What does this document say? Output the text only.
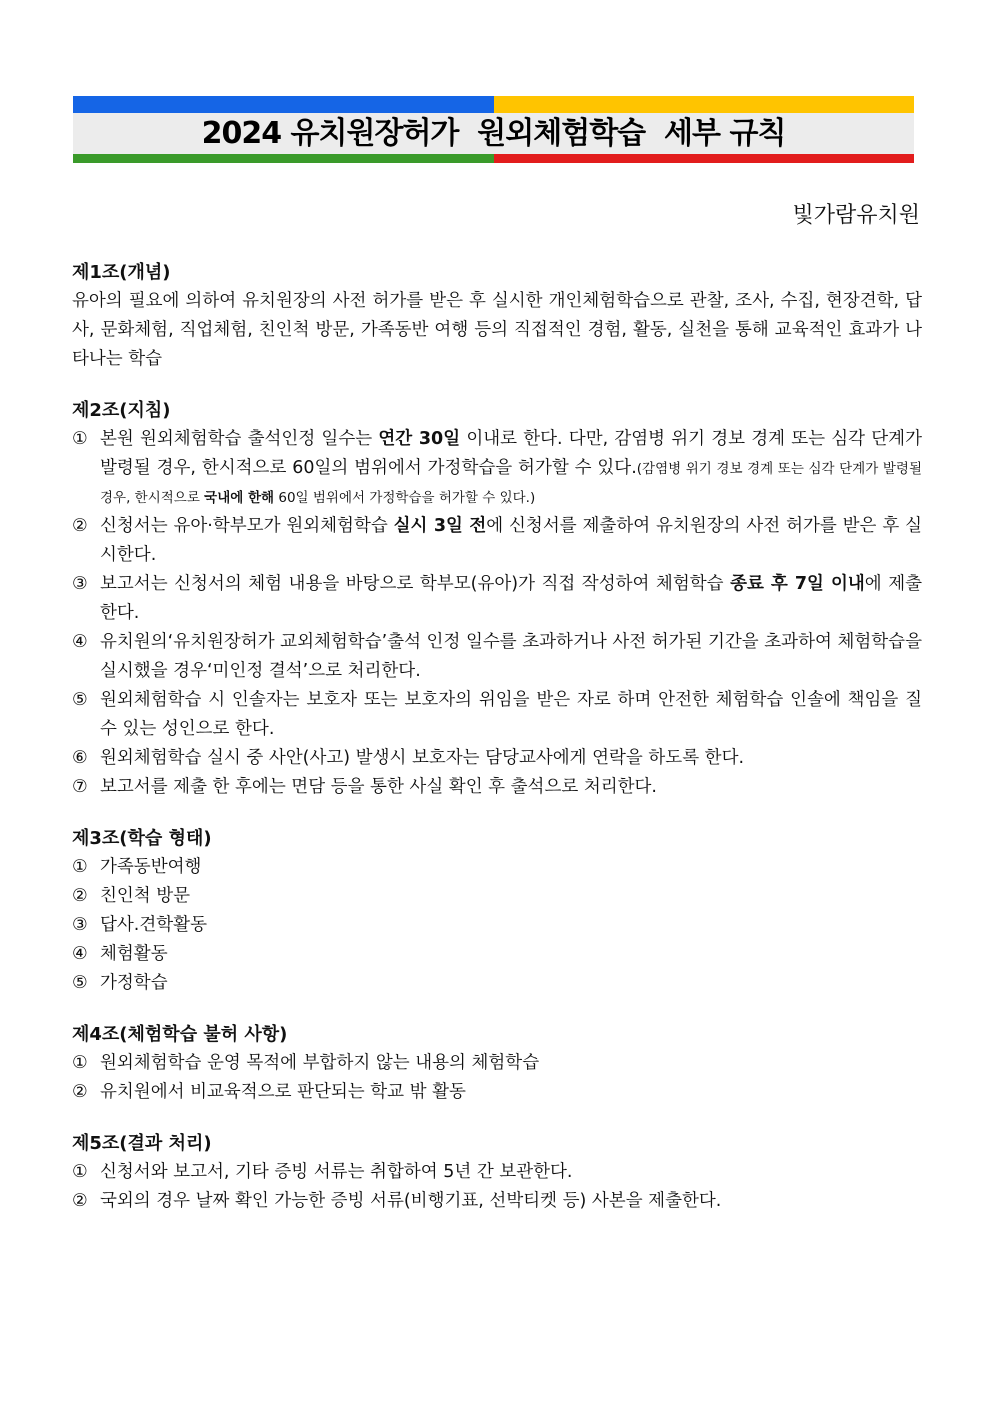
2024 유치원장허가  원외체험학습  세부 규칙
빛가람유치원

제1조(개념)

유아의 필요에 의하여 유치원장의 사전 허가를 받은 후 실시한 개인체험학습으로 관찰, 조사, 수집, 현장견학, 답사, 문화체험, 직업체험, 친인척 방문, 가족동반 여행 등의 직접적인 경험, 활동, 실천을 통해 교육적인 효과가 나타나는 학습

제2조(지침)

① 본원 원외체험학습 출석인정 일수는 연간 30일 이내로 한다. 다만, 감염병 위기 경보 경계 또는 심각 단계가 발령될 경우, 한시적으로 60일의 범위에서 가정학습을 허가할 수 있다.(감염병 위기 경보 경계 또는 심각 단계가 발령될 경우, 한시적으로 국내에 한해 60일 범위에서 가정학습을 허가할 수 있다.)
② 신청서는 유아·학부모가 원외체험학습 실시 3일 전에 신청서를 제출하여 유치원장의 사전 허가를 받은 후 실시한다.
③ 보고서는 신청서의 체험 내용을 바탕으로 학부모(유아)가 직접 작성하여 체험학습 종료 후 7일 이내에 제출한다.
④ 유치원의‘유치원장허가 교외체험학습’출석 인정 일수를 초과하거나 사전 허가된 기간을 초과하여 체험학습을 실시했을 경우‘미인정 결석’으로 처리한다.
⑤ 원외체험학습 시 인솔자는 보호자 또는 보호자의 위임을 받은 자로 하며 안전한 체험학습 인솔에 책임을 질 수 있는 성인으로 한다.
⑥ 원외체험학습 실시 중 사안(사고) 발생시 보호자는 담당교사에게 연락을 하도록 한다.
⑦ 보고서를 제출 한 후에는 면담 등을 통한 사실 확인 후 출석으로 처리한다.

제3조(학습 형태)

① 가족동반여행
② 친인척 방문
③ 답사.견학활동
④ 체험활동
⑤ 가정학습

제4조(체험학습 불허 사항)

① 원외체험학습 운영 목적에 부합하지 않는 내용의 체험학습
② 유치원에서 비교육적으로 판단되는 학교 밖 활동

제5조(결과 처리)

① 신청서와 보고서, 기타 증빙 서류는 취합하여 5년 간 보관한다.
② 국외의 경우 날짜 확인 가능한 증빙 서류(비행기표, 선박티켓 등) 사본을 제출한다.
